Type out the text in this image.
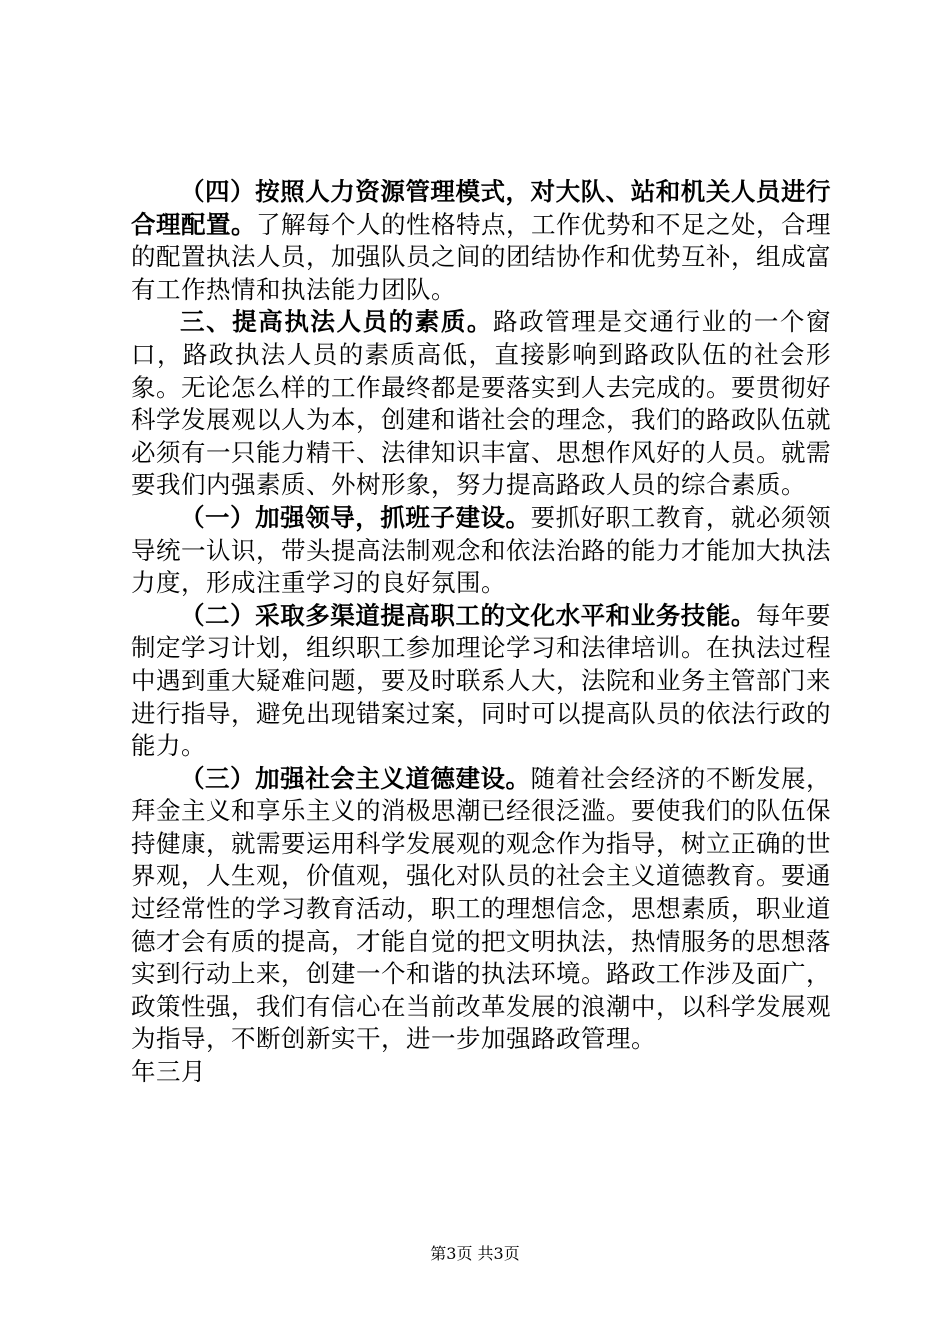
（四）按照人力资源管理模式，对大队、站和机关人员进行合理配置。了解每个人的性格特点，工作优势和不足之处，合理的配置执法人员，加强队员之间的团结协作和优势互补，组成富有工作热情和执法能力团队。

三、提高执法人员的素质。路政管理是交通行业的一个窗口，路政执法人员的素质高低，直接影响到路政队伍的社会形象。无论怎么样的工作最终都是要落实到人去完成的。要贯彻好科学发展观以人为本，创建和谐社会的理念，我们的路政队伍就必须有一只能力精干、法律知识丰富、思想作风好的人员。就需要我们内强素质、外树形象，努力提高路政人员的综合素质。

（一）加强领导，抓班子建设。要抓好职工教育，就必须领导统一认识，带头提高法制观念和依法治路的能力才能加大执法力度，形成注重学习的良好氛围。

（二）采取多渠道提高职工的文化水平和业务技能。每年要制定学习计划，组织职工参加理论学习和法律培训。在执法过程中遇到重大疑难问题，要及时联系人大，法院和业务主管部门来进行指导，避免出现错案过案，同时可以提高队员的依法行政的能力。

（三）加强社会主义道德建设。随着社会经济的不断发展，拜金主义和享乐主义的消极思潮已经很泛滥。要使我们的队伍保持健康，就需要运用科学发展观的观念作为指导，树立正确的世界观，人生观，价值观，强化对队员的社会主义道德教育。要通过经常性的学习教育活动，职工的理想信念，思想素质，职业道德才会有质的提高，才能自觉的把文明执法，热情服务的思想落实到行动上来，创建一个和谐的执法环境。路政工作涉及面广，政策性强，我们有信心在当前改革发展的浪潮中，以科学发展观为指导，不断创新实干，进一步加强路政管理。

年三月

第3页 共3页
